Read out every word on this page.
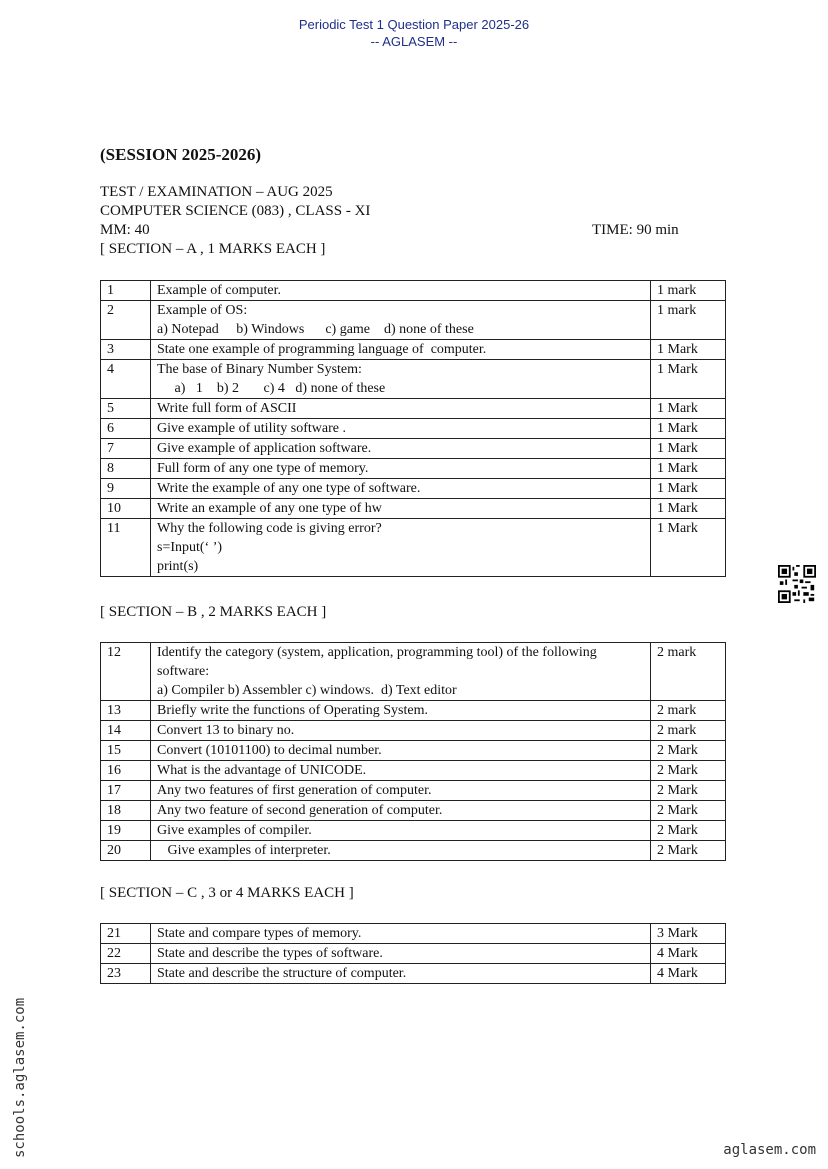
Periodic Test 1 Question Paper 2025-26
-- AGLASEM --
(SESSION 2025-2026)
TEST / EXAMINATION – AUG 2025
COMPUTER SCIENCE (083) , CLASS - XI
MM: 40	TIME: 90 min
[ SECTION – A , 1 MARKS EACH ]
1	Example of computer.	1 mark
2	Example of OS:
a) Notepad     b) Windows      c) game    d) none of these	1 mark
3	State one example of programming language of  computer.	1 Mark
4	The base of Binary Number System:
a)   1    b) 2       c) 4   d) none of these	1 Mark
5	Write full form of ASCII	1 Mark
6	Give example of utility software .	1 Mark
7	Give example of application software.	1 Mark
8	Full form of any one type of memory.	1 Mark
9	Write the example of any one type of software.	1 Mark
10	Write an example of any one type of hw	1 Mark
11	Why the following code is giving error?
s=Input(‘ ’)
print(s)	1 Mark
[ SECTION – B , 2 MARKS EACH ]
12	Identify the category (system, application, programming tool) of the following software:
a) Compiler b) Assembler c) windows.  d) Text editor	2 mark
13	Briefly write the functions of Operating System.	2 mark
14	Convert 13 to binary no.	2 mark
15	Convert (10101100) to decimal number.	2 Mark
16	What is the advantage of UNICODE.	2 Mark
17	Any two features of first generation of computer.	2 Mark
18	Any two feature of second generation of computer.	2 Mark
19	Give examples of compiler.	2 Mark
20	Give examples of interpreter.	2 Mark
[ SECTION – C , 3 or 4 MARKS EACH ]
21	State and compare types of memory.	3 Mark
22	State and describe the types of software.	4 Mark
23	State and describe the structure of computer.	4 Mark
schools.aglasem.com	aglasem.com
